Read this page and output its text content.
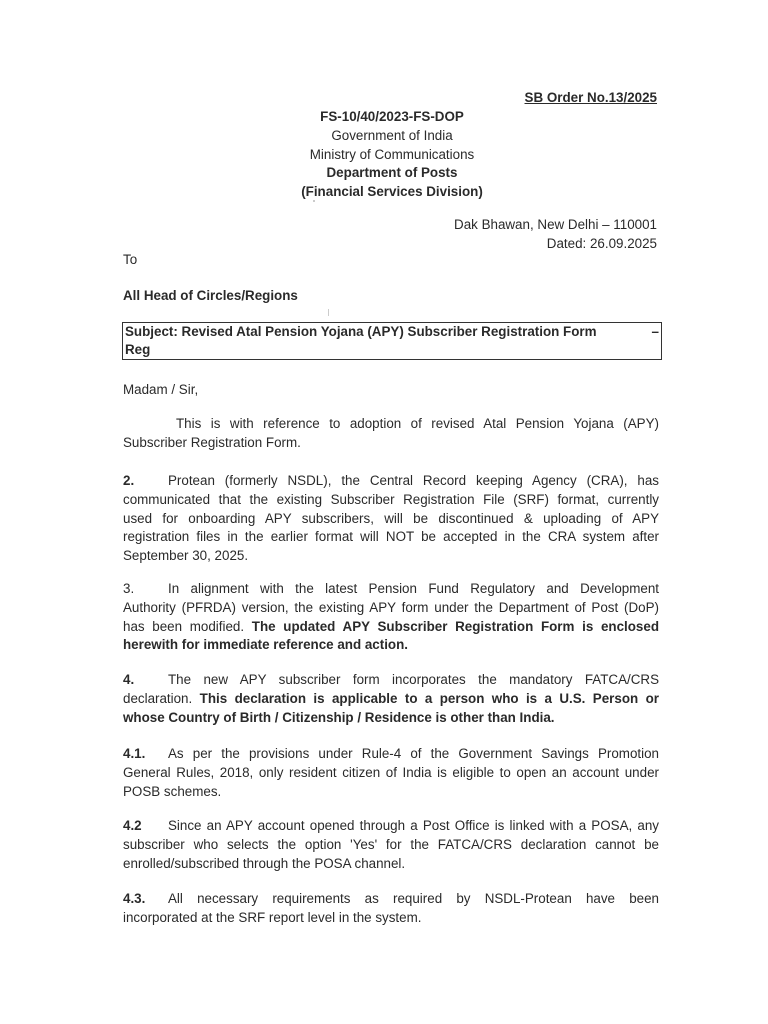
SB Order No.13/2025
FS-10/40/2023-FS-DOP
Government of India
Ministry of Communications
Department of Posts
(Financial Services Division)
Dak Bhawan, New Delhi – 110001
Dated: 26.09.2025
To
All Head of Circles/Regions
Subject: Revised Atal Pension Yojana (APY) Subscriber Registration Form	–
Reg
Madam / Sir,
This is with reference to adoption of revised Atal Pension Yojana (APY)
Subscriber Registration Form.
2.	Protean (formerly NSDL), the Central Record keeping Agency (CRA), has
communicated that the existing Subscriber Registration File (SRF) format, currently
used for onboarding APY subscribers, will be discontinued & uploading of APY
registration files in the earlier format will NOT be accepted in the CRA system after
September 30, 2025.
3.	In alignment with the latest Pension Fund Regulatory and Development
Authority (PFRDA) version, the existing APY form under the Department of Post (DoP)
has been modified. The updated APY Subscriber Registration Form is enclosed
herewith for immediate reference and action.
4.	The new APY subscriber form incorporates the mandatory FATCA/CRS
declaration. This declaration is applicable to a person who is a U.S. Person or
whose Country of Birth / Citizenship / Residence is other than India.
4.1. As per the provisions under Rule-4 of the Government Savings Promotion
General Rules, 2018, only resident citizen of India is eligible to open an account under
POSB schemes.
4.2 Since an APY account opened through a Post Office is linked with a POSA, any
subscriber who selects the option 'Yes' for the FATCA/CRS declaration cannot be
enrolled/subscribed through the POSA channel.
4.3. All necessary requirements as required by NSDL-Protean have been
incorporated at the SRF report level in the system.
